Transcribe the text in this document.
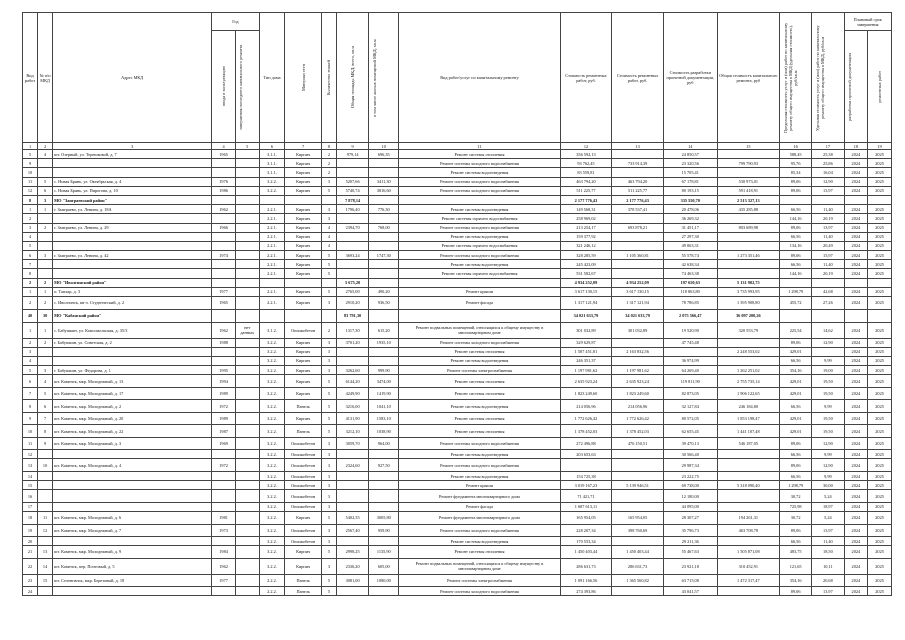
Вид работ	№ п/п МКД	Адрес МКД	Год		Тип дома	Материал стен	Количество этажей	Общая площадь МКД, всего, кв.м	в том числе жилых помещений МКД, кв.м	Вид работ/услуг по капитальному ремонту	Стоимость ремонтных работ, руб.	Стоимость ремонтных работ, руб.	Стоимость разработки проектной документации, руб	Общая стоимость капитального ремонта, руб	Предельная стоимость услуг и (или) работ по капитальному ремонту общего имущества в МКД (удельная стоимость), руб/кв.м	Удельная стоимость услуг и (или) работ по капитальному ремонту общего имущества в МКД, руб/кв.м	Плановый срок завершения	

			ввода в эксплуатацию	завершения последнего капитального ремонта													разработки проектной документации	ремонтных работ

1	2	3	4	5	6	7	8	9	10	11	12	13	14	15	16	17	18	19
5	4	шт. Озерный, ул. Терешковой, д. 7	1965		3.1.1.	Кирпич	2	979,14	696,35	Ремонт системы отопления	356 592,13		24 850,57		588,45	25,38	2024	2025
9					3.1.1.	Кирпич	2			Ремонт системы холодного водоснабжения	93 762,45	733 914,39	23 320,56	799 790,93	95,76	25,86	2024	2025
10					3.1.1.	Кирпич	2			Ремонт системы водоотведения	83 559,81		15 705,41		85,34	16,04	2024	2025
11	5	с. Новая Брянь, ул. Октябрьская, д. 4	1976		3.2.2.	Кирпич	3	5207,66	3411,30	Ремонт системы холодного водоснабжения	463 794,20	463 794,20	67 178,81	530 973,01	89,06	12,90	2024	2025
12	6	с. Новая Брянь, ул. Пирогова, д. 10	1986		3.2.2.	Кирпич	5	5740,74	3816,60	Ремонт системы холодного водоснабжения	511 225,77	511 225,77	80 193,15	591 418,91	89,06	13,97	2024	2025
8	3	МО "Заиграевский район"						7 878,14			2 177 776,43	2 177 776,43	335 550,70	2 513 327,13				
1	1	г. Заиграево, ул. Ленина, д. 18А	1962		2.2.1.	Кирпич	3	1796,40	776,30	Ремонт системы водоотведения	149 568,31	378 537,41	20 478,06	435 285,88	66,56	11,40	2024	2025
2					2.2.1.	Кирпич	3			Ремонт системы горячего водоснабжения	258 969,02		36 269,32		144,16	20,19	2024	2025
3	2	г. Заиграево, ул. Ленина, д. 29	1966		2.2.1.	Кирпич	4	2394,70	768,00	Ремонт системы холодного водоснабжения	213 254,17	693 878,21	31 451,17	803 689,98	89,06	13,97	2024	2025
4					2.2.1.	Кирпич	4			Ремонт системы водоотведения	159 377,92		27 297,30		66,56	11,40	2024	2025
5					2.2.1.	Кирпич	4			Ремонт системы горячего водоснабжения	321 246,12		49 063,31		134,16	20,49	2024	2025
6	3	г. Заиграево, ул. Ленина, д. 42	1974		2.2.1.	Кирпич	5	3693,24	1747,30	Ремонт системы холодного водоснабжения	328 285,59	1 105 360,81	55 578,74	1 273 351,46	89,06	15,97	2024	2025
7					2.2.1.	Кирпич	5			Ремонт системы водоотведения	245 423,09		42 638,34		66,56	11,40	2024	2025
8					2.2.1.	Кирпич	5			Ремонт системы горячего водоснабжения	531 582,67		74 463,38		144,16	20,19	2024	2025
2	2	МО "Иволгинский район"						5 675,20			4 934 252,09	4 934 252,09	197 650,63	5 131 902,75				
1	1	п. Тапхар, д. 3	1977		2.2.1.	Кирпич	5	2765,00	490,20	Ремонт крыши	3 617 130,15	3 617 130,15	118 863,80	3 735 993,95	1 298,79	42,68	2024	2025
2	2	с. Иволгинск, кв-л. Студенческий, д. 2	1965		2.2.1.	Кирпич	3	2910,20	936,50	Ремонт фасада	1 317 121,94	1 317 121,94	78 786,85	1 395 908,80	455,72	27,26	2024	2025
40	30	МО "Кабанский район"						83 791,30			34 021 633,79	34 021 633,79	2 075 566,47	36 097 200,26				
1	1	с. Бабушкин, ул. Комсомольская, д. 35/3	1962	нет данных	3.1.2.	Опилкобетон	2	1317,30	615,20	Ремонт подвальных помещений, относящихся к общему имуществу в многоквартирном доме	301 032,89	301 032,89	19 520,90	320 553,79	225,54	14,62	2024	2025
2	2	г. Бабушкин, ул. Советская, д. 2	1988		3.2.2.	Кирпич	3	3701,20	1935,10	Ремонт системы холодного водоснабжения	329 629,87		47 745,48		89,06	12,90	2024	2025
3					3.2.2.	Кирпич	3			Ремонт системы отопления	1 587 451,81	2 163 832,56		2 248 553,02	429,01		2024	2025
4					3.2.2.	Кирпич	3			Ремонт системы водоотведения	246 351,37		36 974,99		66,56	9,99	2024	2025
5	3	г. Бабушкин, ул. Федорова, д. 1	1995		3.2.2.	Кирпич	3	3262,60	999,90	Ремонт системы электроснабжения	1 197 981,62	1 197 981,62	64 269,40	1 262 251,02	354,16	19,00	2024	2025
6	4	шт. Каменск, мкр. Молодежный, д. 13	1994		3.2.2.	Кирпич	5	6144,20	3474,00	Ремонт системы отопления	2 635 923,24	2 635 923,24	119 811,90	2 755 735,14	429,01	19,50	2024	2025
7	5	шт. Каменск, мкр. Молодежный, д. 17	1989		3.2.2.	Кирпич	5	4249,90	1419,90	Ремонт системы отопления	1 823 249,60	1 823 249,60	82 873,05	1 906 122,65	429,01	19,50	2024	2025
8	6	шт. Каменск, мкр. Молодежный, д. 2	1972		3.2.2.	Панель	5	3216,00	1041,10	Ремонт системы водоотведения	214 056,96	214 056,96	32 127,84	246 184,80	66,56	9,99	2024	2025
9	7	шт. Каменск, мкр. Молодежный, д. 20	1989		3.2.2.	Кирпич	5	4131,90	1583,10	Ремонт системы отопления	1 772 626,42	1 772 626,42	80 572,05	1 853 198,47	429,01	19,50	2024	2025
10	8	шт. Каменск, мкр. Молодежный, д. 22	1987		3.2.2.	Панель	5	3212,10	1038,90	Ремонт системы отопления	1 378 452,03	1 378 452,03	62 655,45	1 441 107,48	429,01	19,50	2024	2025
11	9	шт. Каменск, мкр. Молодежный, д. 3	1969		3.2.2.	Опилкобетон	3	3059,70	964,00	Ремонт системы холодного водоснабжения	272 496,88	476 150,51	39 470,13	546 187,05	89,06	12,90	2024	2025
12					3.2.2.	Опилкобетон	3			Ремонт системы водоотведения	203 653,63		30 566,40		66,56	9,99	2024	2025
13	10	шт. Каменск, мкр. Молодежный, д. 4	1972		3.2.2.	Опилкобетон	3	2324,60	927,50	Ремонт системы холодного водоснабжения			29 987,34		89,06	12,90	2024	2025
14					3.2.2.	Опилкобетон	3			Ремонт системы водоотведения	154 725,38		23 222,75		66,56	9,99	2024	2025
15					3.2.2.	Опилкобетон	3			Ремонт крыши	3 019 167,23	5 139 946,51	69 738,00	5 318 090,40	1 298,79	30,00	2024	2025
16					3.2.2.	Опилкобетон	3			Ремонт фундамента многоквартирного дома	71 421,71		12 180,00		30,72	5,24	2024	2025
17					3.2.2.	Опилкобетон	3			Ремонт фасада	1 687 613,11		44 095,00		725,98	18,97	2024	2025
18	11	шт. Каменск, мкр. Молодежный, д. 6	1981		3.2.2.	Кирпич	5	5402,35	3005,80	Ремонт фундамента многоквартирного дома	165 954,05	165 954,05	28 307,27	194 261,31	30,72	5,24	2024	2025
19	12	шт. Каменск, мкр. Молодежный, д. 7	1973		3.2.2.	Опилкобетон	3	2567,40	959,90	Ремонт системы холодного водоснабжения	228 207,34	398 760,69	35 796,73	463 708,78	89,06	13,97	2024	2025
20					3.2.2.	Опилкобетон	3			Ремонт системы водоотведения	170 553,34		29 211,36		66,56	11,40	2024	2025
21	13	шт. Каменск, мкр. Молодежный, д. 9	1984		3.2.2.	Кирпич	5	2998,25	1135,90	Ремонт системы отопления	1 450 403,44	1 450 403,44	55 467,63	1 505 871,08	483,75	18,50	2024	2025
22	14	шт. Каменск, пер. Почтовый, д. 5	1962		3.2.2.	Кирпич	3	2336,20	605,00	Ремонт подвальных помещений, относящихся к общему имуществу в многоквартирном доме	286 631,73	286 631,73	23 921,18	310 452,91	121,65	10,11	2024	2025
23	15	шт. Селенгинск, мкр. Березовый, д. 18	1977		2.2.2.	Панель	5	3081,00	1080,00	Ремонт системы электроснабжения	1 091 166,56	1 365 560,82	63 715,08	1 472 317,47	354,16	20,68	2024	2025
24					2.2.2.	Панель	5			Ремонт системы холодного водоснабжения	274 393,86		43 041,57		89,06	13,97	2024	2025
